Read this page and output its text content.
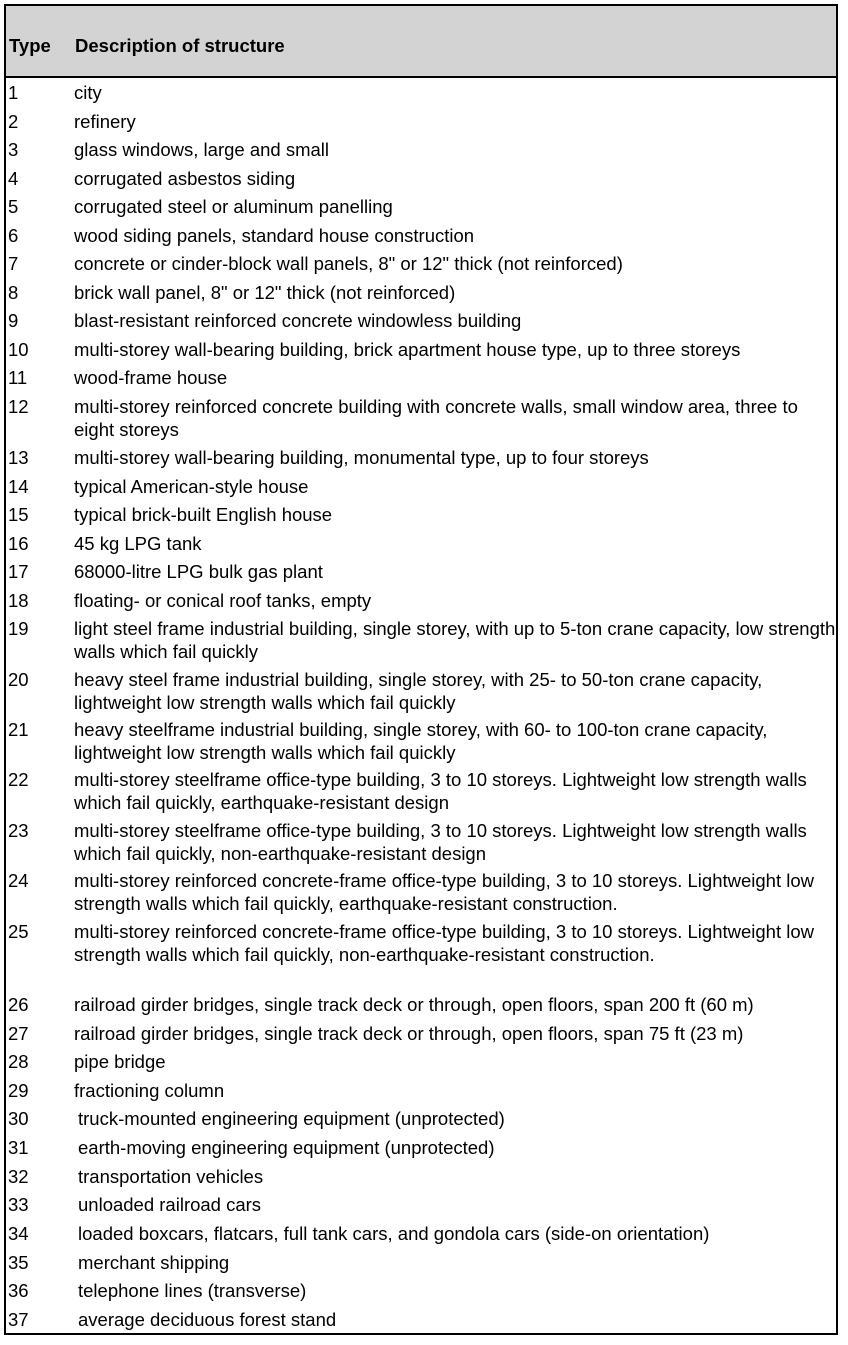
Type Description of structure
1	city
2	refinery
3	glass windows, large and small
4	corrugated asbestos siding
5	corrugated steel or aluminum panelling
6	wood siding panels, standard house construction
7	concrete or cinder-block wall panels, 8" or 12" thick (not reinforced)
8	brick wall panel, 8" or 12" thick (not reinforced)
9	blast-resistant reinforced concrete windowless building
10 multi-storey wall-bearing building, brick apartment house type, up to three storeys
11	wood-frame house
12 multi-storey reinforced concrete building with concrete walls, small window area, three to eight storeys
13 multi-storey wall-bearing building, monumental type, up to four storeys
14 typical American-style house
15 typical brick-built English house
16 45 kg LPG tank
17 68000-litre LPG bulk gas plant
18 floating- or conical roof tanks, empty
19 light steel frame industrial building, single storey, with up to 5-ton crane capacity, low strength walls which fail quickly
20 heavy steel frame industrial building, single storey, with 25- to 50-ton crane capacity, lightweight low strength walls which fail quickly
21 heavy steelframe industrial building, single storey, with 60- to 100-ton crane capacity, lightweight low strength walls which fail quickly
22 multi-storey steelframe office-type building, 3 to 10 storeys. Lightweight low strength walls which fail quickly, earthquake-resistant design
23 multi-storey steelframe office-type building, 3 to 10 storeys. Lightweight low strength walls which fail quickly, non-earthquake-resistant design
24 multi-storey reinforced concrete-frame office-type building, 3 to 10 storeys. Lightweight low strength walls which fail quickly, earthquake-resistant construction.
25 multi-storey reinforced concrete-frame office-type building, 3 to 10 storeys. Lightweight low strength walls which fail quickly, non-earthquake-resistant construction.
26 railroad girder bridges, single track deck or through, open floors, span 200 ft (60 m)
27 railroad girder bridges, single track deck or through, open floors, span 75 ft (23 m)
28 pipe bridge
29 fractioning column
30	truck-mounted engineering equipment (unprotected)
31	earth-moving engineering equipment (unprotected)
32	transportation vehicles
33	unloaded railroad cars
34	loaded boxcars, flatcars, full tank cars, and gondola cars (side-on orientation)
35	merchant shipping
36	telephone lines (transverse)
37	average deciduous forest stand
